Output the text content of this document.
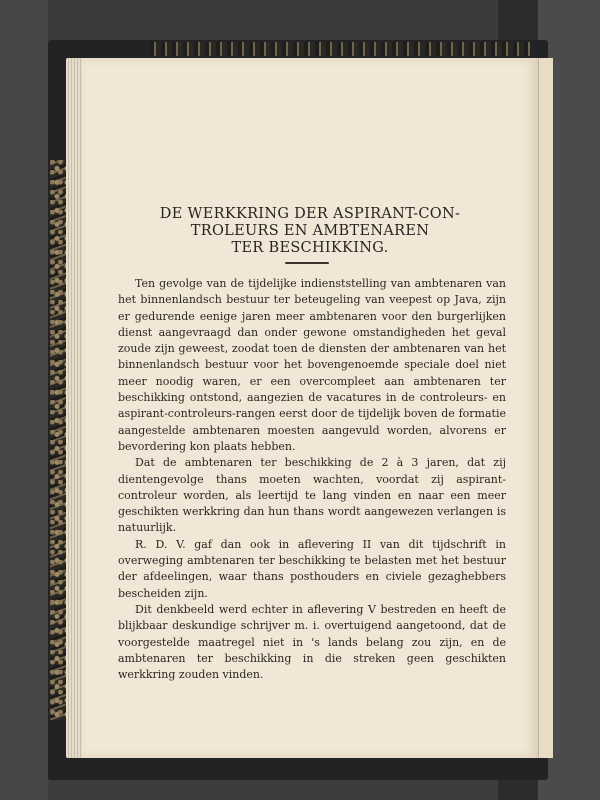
DE WERKKRING DER ASPIRANT-CON-
TROLEURS EN AMBTENAREN
TER BESCHIKKING.

Ten gevolge van de tijdelijke indienststelling van ambtenaren van het binnenlandsch bestuur ter beteugeling van veepest op Java, zijn er gedurende eenige jaren meer ambtenaren voor den burgerlijken dienst aangevraagd dan onder gewone omstandigheden het geval zoude zijn geweest, zoodat toen de diensten der ambtenaren van het binnenlandsch bestuur voor het bovengenoemde speciale doel niet meer noodig waren, er een overcompleet aan ambtenaren ter beschikking ontstond, aangezien de vacatures in de controleurs- en aspirant-controleurs-rangen eerst door de tijdelijk boven de formatie aangestelde ambtenaren moesten aangevuld worden, alvorens er bevordering kon plaats hebben.

Dat de ambtenaren ter beschikking de 2 à 3 jaren, dat zij dientengevolge thans moeten wachten, voordat zij aspirant-controleur worden, als leertijd te lang vinden en naar een meer geschikten werkkring dan hun thans wordt aangewezen verlangen is natuurlijk.

R. D. V. gaf dan ook in aflevering II van dit tijdschrift in overweging ambtenaren ter beschikking te belasten met het bestuur der afdeelingen, waar thans posthouders en civiele gezaghebbers bescheiden zijn.

Dit denkbeeld werd echter in aflevering V bestreden en heeft de blijkbaar deskundige schrijver m. i. overtuigend aangetoond, dat de voorgestelde maatregel niet in 's lands belang zou zijn, en de ambtenaren ter beschikking in die streken geen geschikten werkkring zouden vinden.
